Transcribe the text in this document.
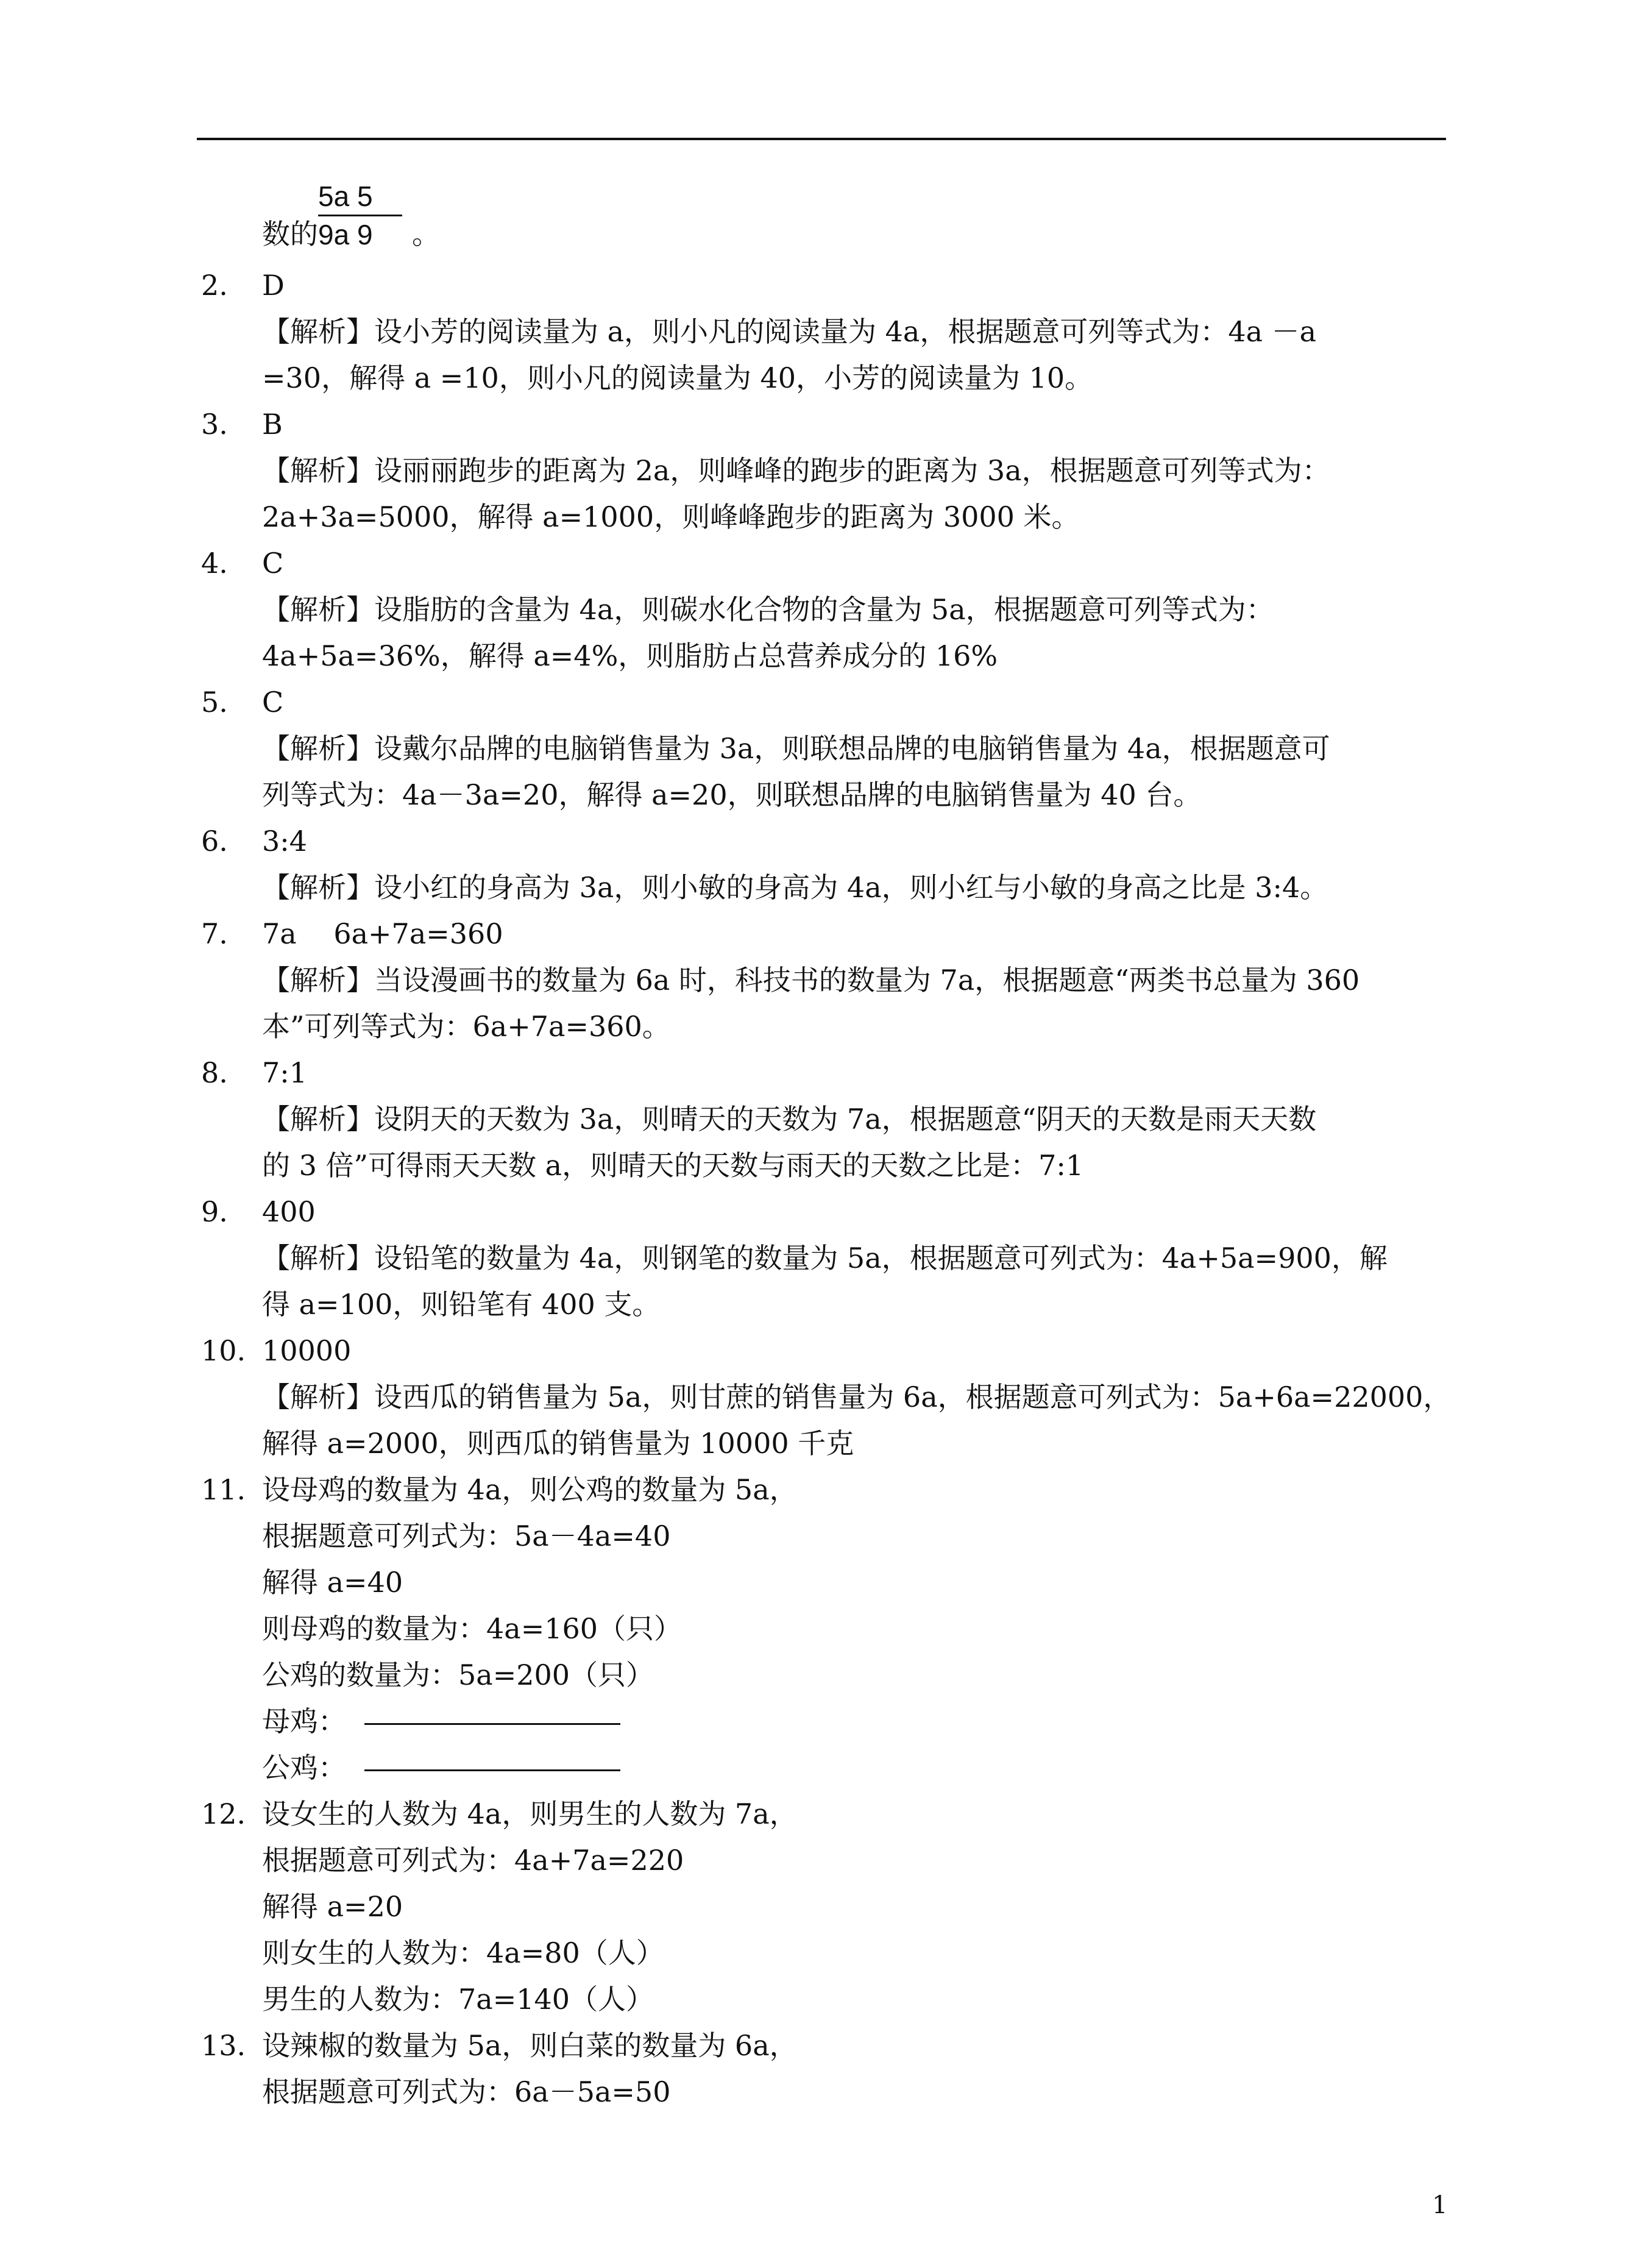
数的
5a 5
9a 9	。
2. D
【解析】设小芳的阅读量为 a，则小凡的阅读量为 4a，根据题意可列等式为：4a －a
=30，解得 a =10，则小凡的阅读量为 40，小芳的阅读量为 10。
3. B
【解析】设丽丽跑步的距离为 2a，则峰峰的跑步的距离为 3a，根据题意可列等式为：
2a+3a=5000，解得 a=1000，则峰峰跑步的距离为 3000 米。
4. C
【解析】设脂肪的含量为 4a，则碳水化合物的含量为 5a，根据题意可列等式为：
4a+5a=36%，解得 a=4%，则脂肪占总营养成分的 16%
5. C
【解析】设戴尔品牌的电脑销售量为 3a，则联想品牌的电脑销售量为 4a，根据题意可
列等式为：4a－3a=20，解得 a=20，则联想品牌的电脑销售量为 40 台。
6. 3:4
【解析】设小红的身高为 3a，则小敏的身高为 4a，则小红与小敏的身高之比是 3:4。
7. 7a　 6a+7a=360
【解析】当设漫画书的数量为 6a 时，科技书的数量为 7a，根据题意“两类书总量为 360
本”可列等式为：6a+7a=360。
8. 7:1
【解析】设阴天的天数为 3a，则晴天的天数为 7a，根据题意“阴天的天数是雨天天数
的 3 倍”可得雨天天数 a，则晴天的天数与雨天的天数之比是：7:1
9. 400
【解析】设铅笔的数量为 4a，则钢笔的数量为 5a，根据题意可列式为：4a+5a=900，解
得 a=100，则铅笔有 400 支。
10. 10000
【解析】设西瓜的销售量为 5a，则甘蔗的销售量为 6a，根据题意可列式为：5a+6a=22000，
解得 a=2000，则西瓜的销售量为 10000 千克
11. 设母鸡的数量为 4a，则公鸡的数量为 5a，
根据题意可列式为：5a－4a=40
解得 a=40
则母鸡的数量为：4a=160（只）
公鸡的数量为：5a=200（只）
母鸡：
公鸡：
12. 设女生的人数为 4a，则男生的人数为 7a，
根据题意可列式为：4a+7a=220
解得 a=20
则女生的人数为：4a=80（人）
男生的人数为：7a=140（人）
13. 设辣椒的数量为 5a，则白菜的数量为 6a，
根据题意可列式为：6a－5a=50
1
